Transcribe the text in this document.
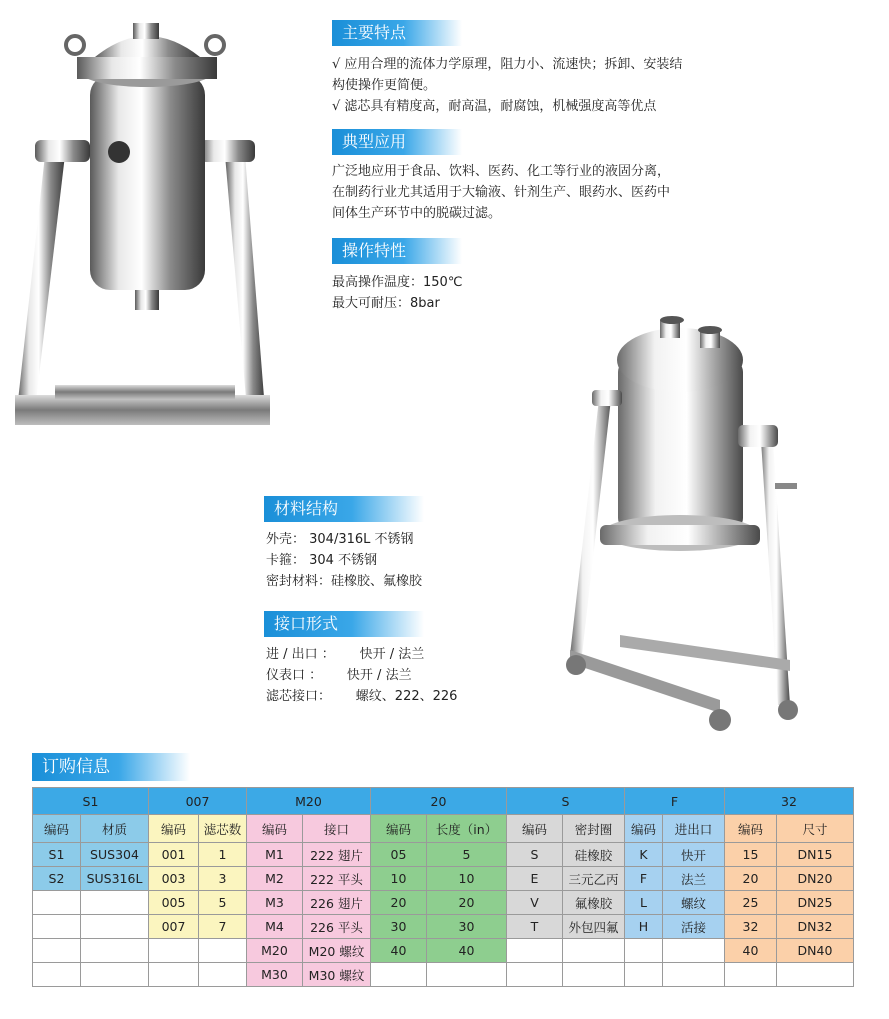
主要特点
√ 应用合理的流体力学原理，阻力小、流速快；拆卸、安装结
构使操作更简便。
√ 滤芯具有精度高，耐高温，耐腐蚀，机械强度高等优点
典型应用
广泛地应用于食品、饮料、医药、化工等行业的液固分离，
在制药行业尤其适用于大输液、针剂生产、眼药水、医药中
间体生产环节中的脱碳过滤。
操作特性
最高操作温度：150℃
最大可耐压：8bar
材料结构
外壳： 304/316L 不锈钢
卡箍： 304 不锈钢
密封材料：硅橡胶、氟橡胶
接口形式
进 / 出口 ：      快开 / 法兰
仪表口 ：      快开 / 法兰
滤芯接口：      螺纹、222、226
订购信息
S1		007		M20		20		S		F		32	
编码	材质	编码	滤芯数	编码	接口	编码	长度（in）	编码	密封圈	编码	进出口	编码	尺寸
S1	SUS304	001	1	M1	222 翅片	05	5	S	硅橡胶	K	快开	15	DN15
S2	SUS316L	003	3	M2	222 平头	10	10	E	三元乙丙	F	法兰	20	DN20
		005	5	M3	226 翅片	20	20	V	氟橡胶	L	螺纹	25	DN25
		007	7	M4	226 平头	30	30	T	外包四氟	H	活接	32	DN32
				M20	M20 螺纹	40	40					40	DN40
				M30	M30 螺纹								
